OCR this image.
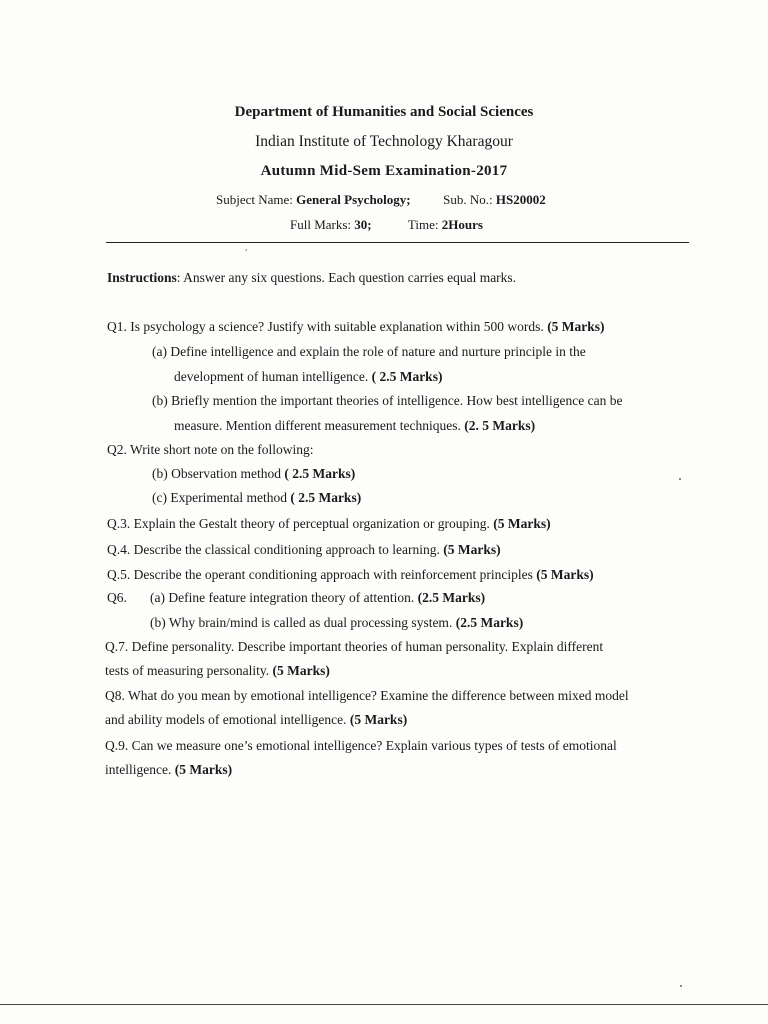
Department of Humanities and Social Sciences
Indian Institute of Technology Kharagour
Autumn Mid-Sem Examination-2017
Subject Name: General Psychology;	Sub. No.: HS20002
Full Marks: 30;	Time: 2Hours
,
Instructions: Answer any six questions. Each question carries equal marks.
Q1. Is psychology a science? Justify with suitable explanation within 500 words. (5 Marks)
(a) Define intelligence and explain the role of nature and nurture principle in the
development of human intelligence. ( 2.5 Marks)
(b) Briefly mention the important theories of intelligence. How best intelligence can be
measure. Mention different measurement techniques. (2. 5 Marks)
Q2. Write short note on the following:
(b) Observation method ( 2.5 Marks)
(c) Experimental method ( 2.5 Marks)
Q.3. Explain the Gestalt theory of perceptual organization or grouping. (5 Marks)
Q.4. Describe the classical conditioning approach to learning. (5 Marks)
Q.5. Describe the operant conditioning approach with reinforcement principles (5 Marks)
Q6. (a) Define feature integration theory of attention. (2.5 Marks)
(b) Why brain/mind is called as dual processing system. (2.5 Marks)
Q.7. Define personality. Describe important theories of human personality. Explain different
tests of measuring personality. (5 Marks)
Q8. What do you mean by emotional intelligence? Examine the difference between mixed model
and ability models of emotional intelligence. (5 Marks)
Q.9. Can we measure one’s emotional intelligence? Explain various types of tests of emotional
intelligence. (5 Marks)
